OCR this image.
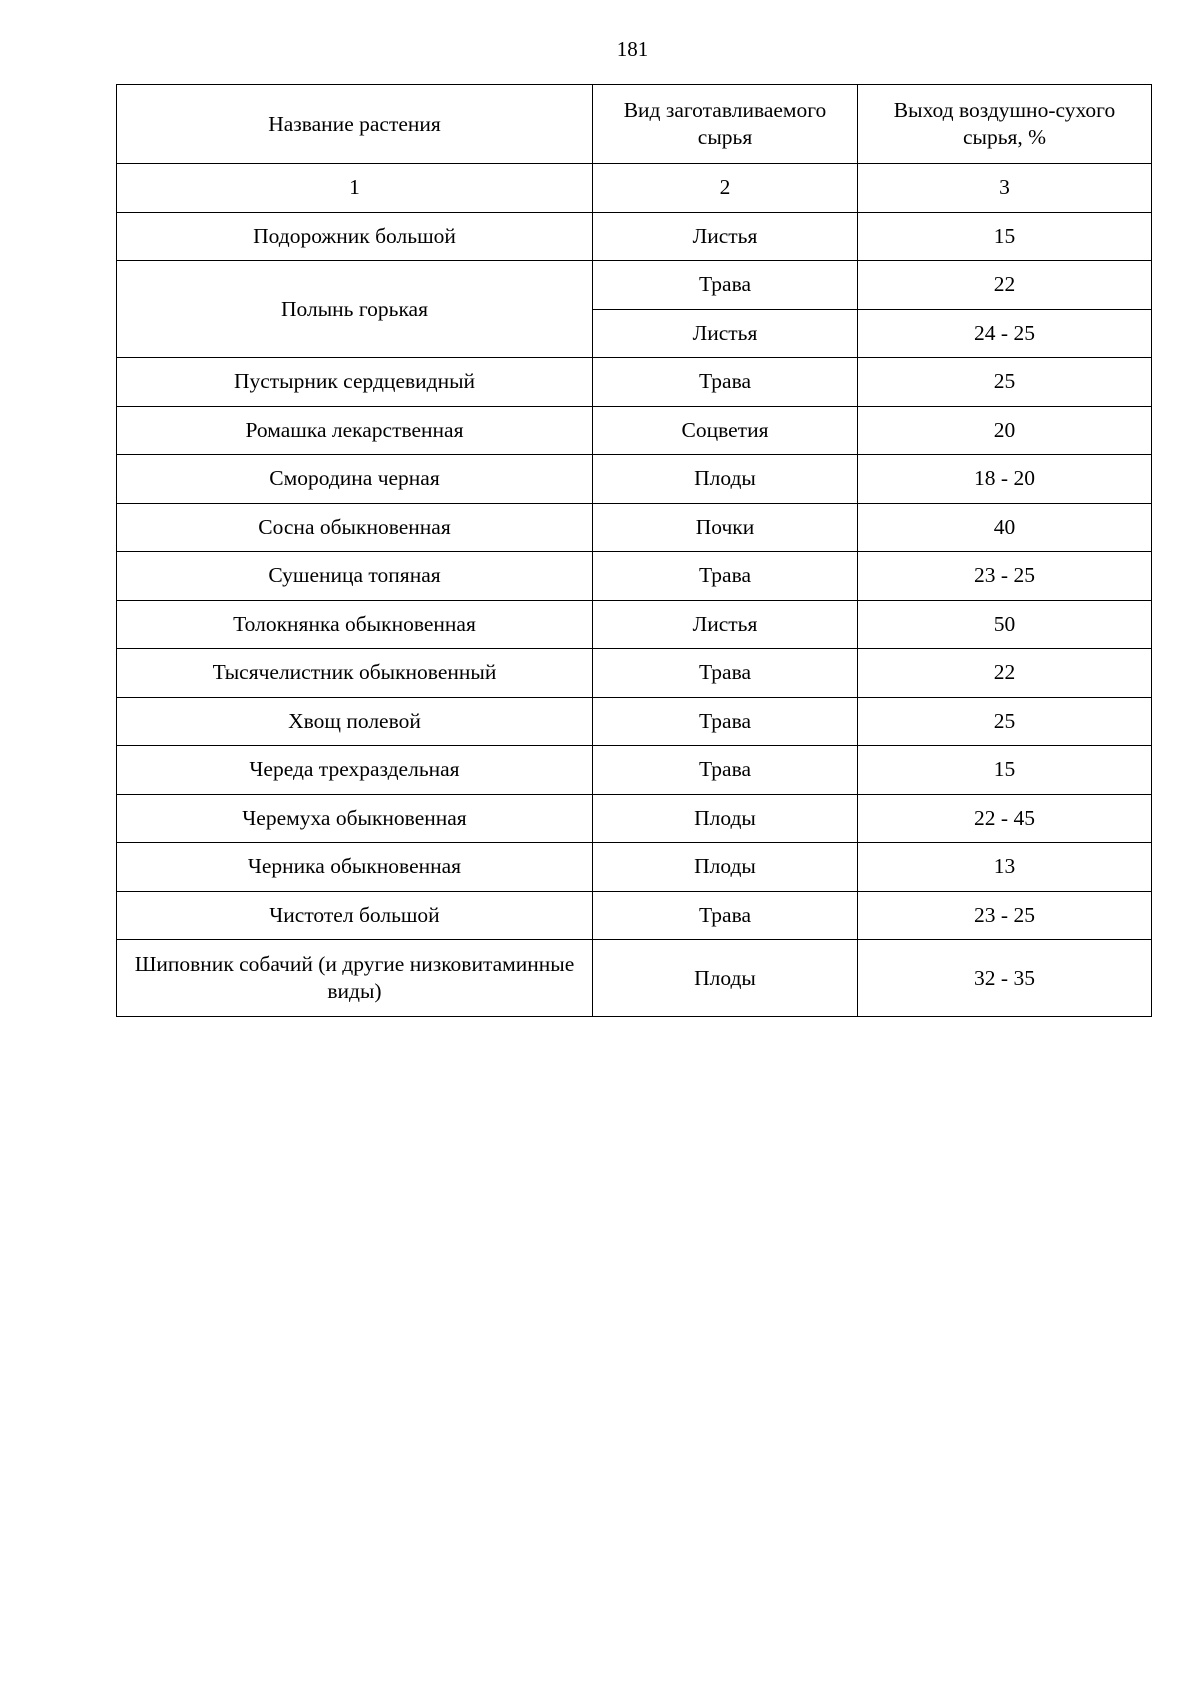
181
Название растения	Вид заготавливаемого сырья	Выход воздушно-сухого сырья, %
1	2	3
Подорожник большой	Листья	15
Полынь горькая	Трава	22
	Листья	24 - 25
Пустырник сердцевидный	Трава	25
Ромашка лекарственная	Соцветия	20
Смородина черная	Плоды	18 - 20
Сосна обыкновенная	Почки	40
Сушеница топяная	Трава	23 - 25
Толокнянка обыкновенная	Листья	50
Тысячелистник обыкновенный	Трава	22
Хвощ полевой	Трава	25
Череда трехраздельная	Трава	15
Черемуха обыкновенная	Плоды	22 - 45
Черника обыкновенная	Плоды	13
Чистотел большой	Трава	23 - 25
Шиповник собачий (и другие низковитаминные виды)	Плоды	32 - 35
